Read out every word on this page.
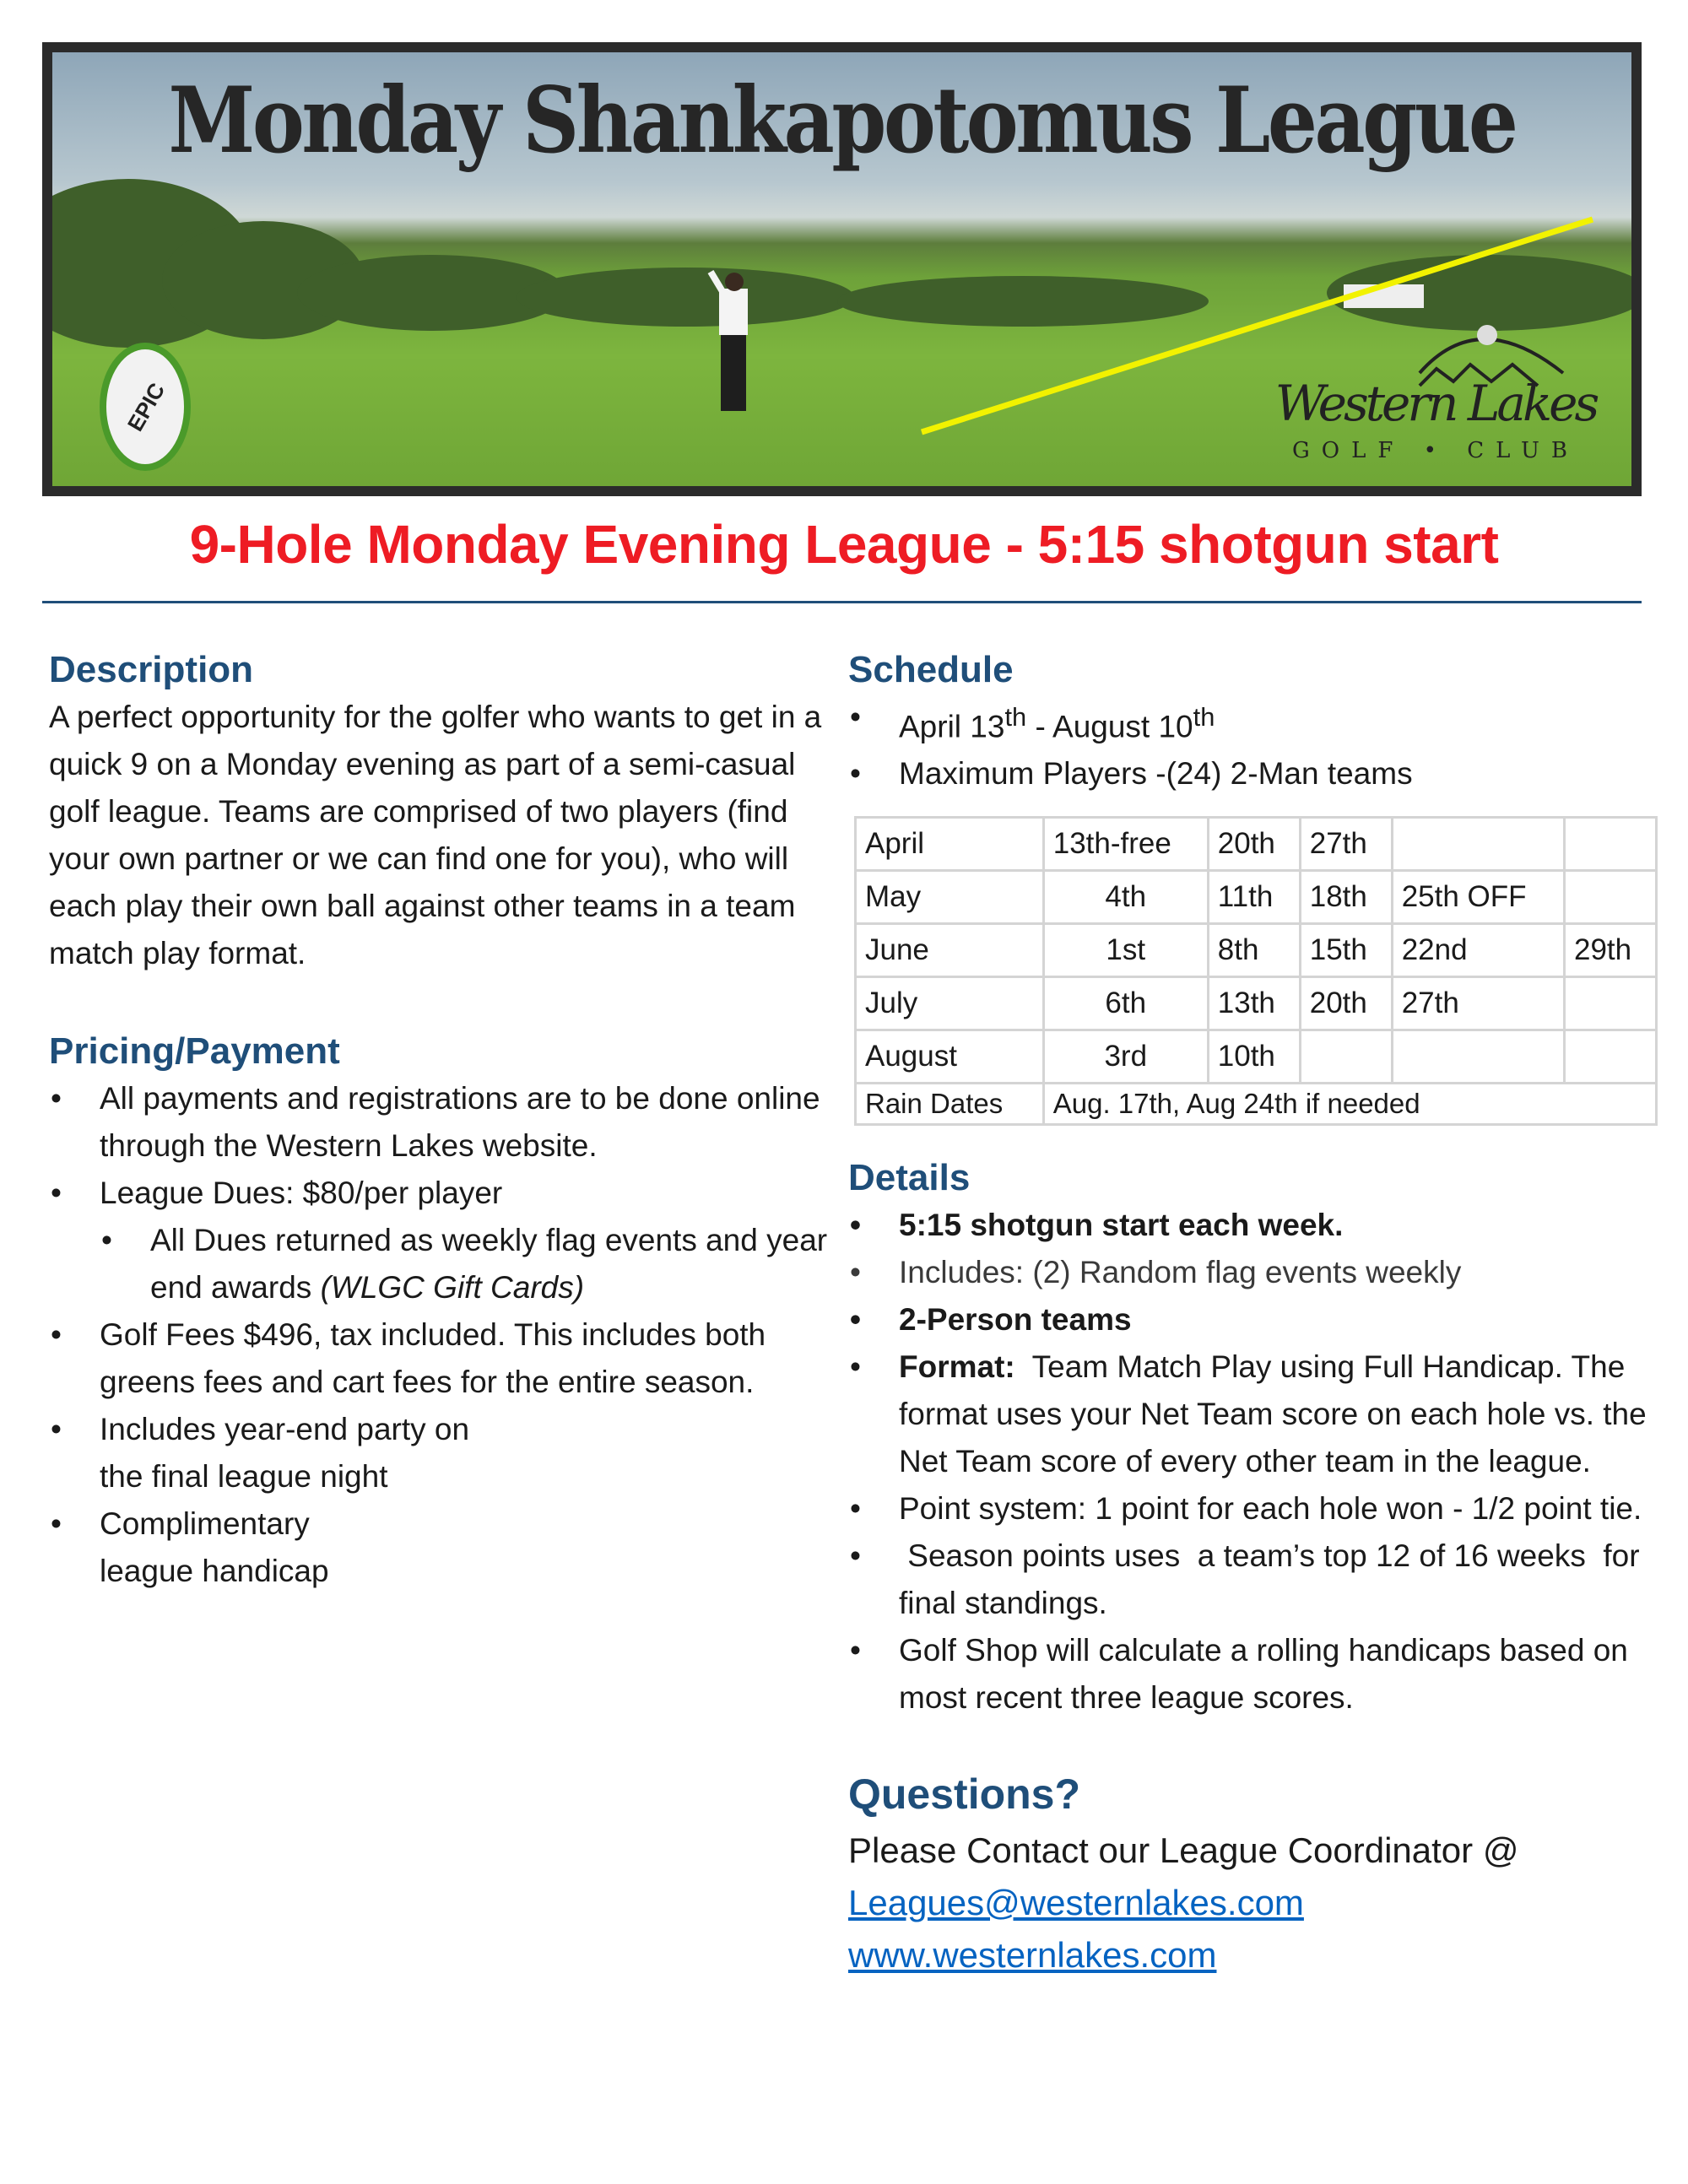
EPIC
Monday Shankapotomus League
Western Lakes
GOLF • CLUB
9-Hole Monday Evening League - 5:15 shotgun start
Description

A perfect opportunity for the golfer who wants to get in a quick 9 on a Monday evening as part of a semi-casual golf league. Teams are comprised of two players (find your own partner or we can find one for you), who will each play their own ball against other teams in a team match play format.

Pricing/Payment
• All payments and registrations are to be done online through the Western Lakes website.
• League Dues: $80/per player
• All Dues returned as weekly flag events and year end awards (WLGC Gift Cards)
• Golf Fees $496, tax included. This includes both greens fees and cart fees for the entire season.
• Includes year-end party on
the final league night
• Complimentary
league handicap
Schedule
• April 13th - August 10th
• Maximum Players -(24) 2-Man teams
April	13th-free	20th	27th		
May	4th	11th	18th	25th OFF	
June	1st	8th	15th	22nd	29th
July	6th	13th	20th	27th	
August	3rd	10th			
Rain Dates	Aug. 17th, Aug 24th if needed				
Details
• 5:15 shotgun start each week.
• Includes: (2) Random flag events weekly
• 2-Person teams
• Format:  Team Match Play using Full Handicap. The format uses your Net Team score on each hole vs. the Net Team score of every other team in the league.
• Point system: 1 point for each hole won - 1/2 point tie.
•  Season points uses  a team’s top 12 of 16 weeks  for final standings.
• Golf Shop will calculate a rolling handicaps based on most recent three league scores.
Questions?
Please Contact our League Coordinator @
Leagues@westernlakes.com
www.westernlakes.com
